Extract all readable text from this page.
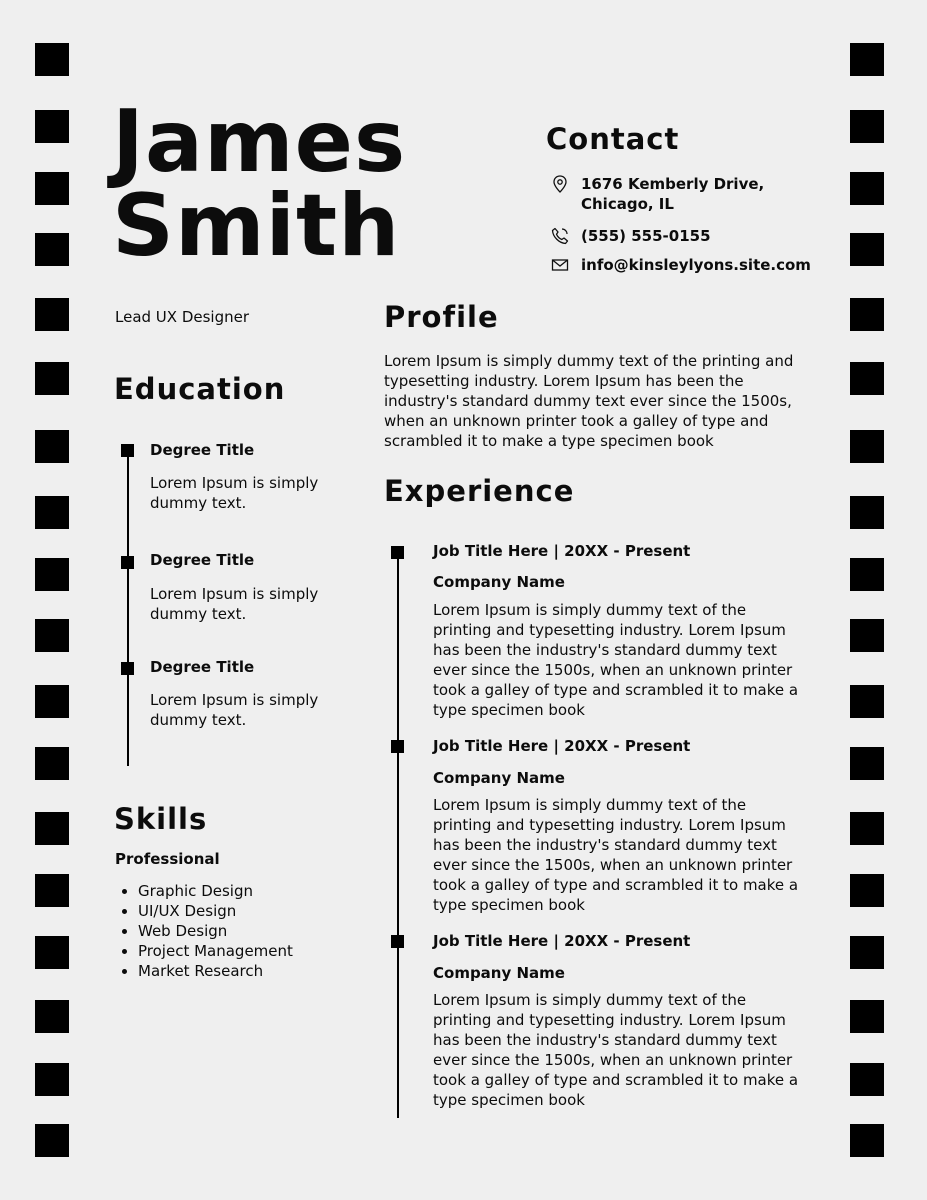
James
Smith
Lead UX Designer
Contact
1676 Kemberly Drive,
Chicago, IL
(555) 555-0155
info@kinsleylyons.site.com
Profile
Lorem Ipsum is simply dummy text of the printing and typesetting industry. Lorem Ipsum has been the industry's standard dummy text ever since the 1500s, when an unknown printer took a galley of type and scrambled it to make a type specimen book
Education
Degree Title
Lorem Ipsum is simply dummy text.
Degree Title
Lorem Ipsum is simply dummy text.
Degree Title
Lorem Ipsum is simply dummy text.
Skills
Professional
• Graphic Design
• UI/UX Design
• Web Design
• Project Management
• Market Research
Experience
Job Title Here | 20XX - Present
Company Name
Lorem Ipsum is simply dummy text of the printing and typesetting industry. Lorem Ipsum has been the industry's standard dummy text ever since the 1500s, when an unknown printer took a galley of type and scrambled it to make a type specimen book
Job Title Here | 20XX - Present
Company Name
Lorem Ipsum is simply dummy text of the printing and typesetting industry. Lorem Ipsum has been the industry's standard dummy text ever since the 1500s, when an unknown printer took a galley of type and scrambled it to make a type specimen book
Job Title Here | 20XX - Present
Company Name
Lorem Ipsum is simply dummy text of the printing and typesetting industry. Lorem Ipsum has been the industry's standard dummy text ever since the 1500s, when an unknown printer took a galley of type and scrambled it to make a type specimen book
